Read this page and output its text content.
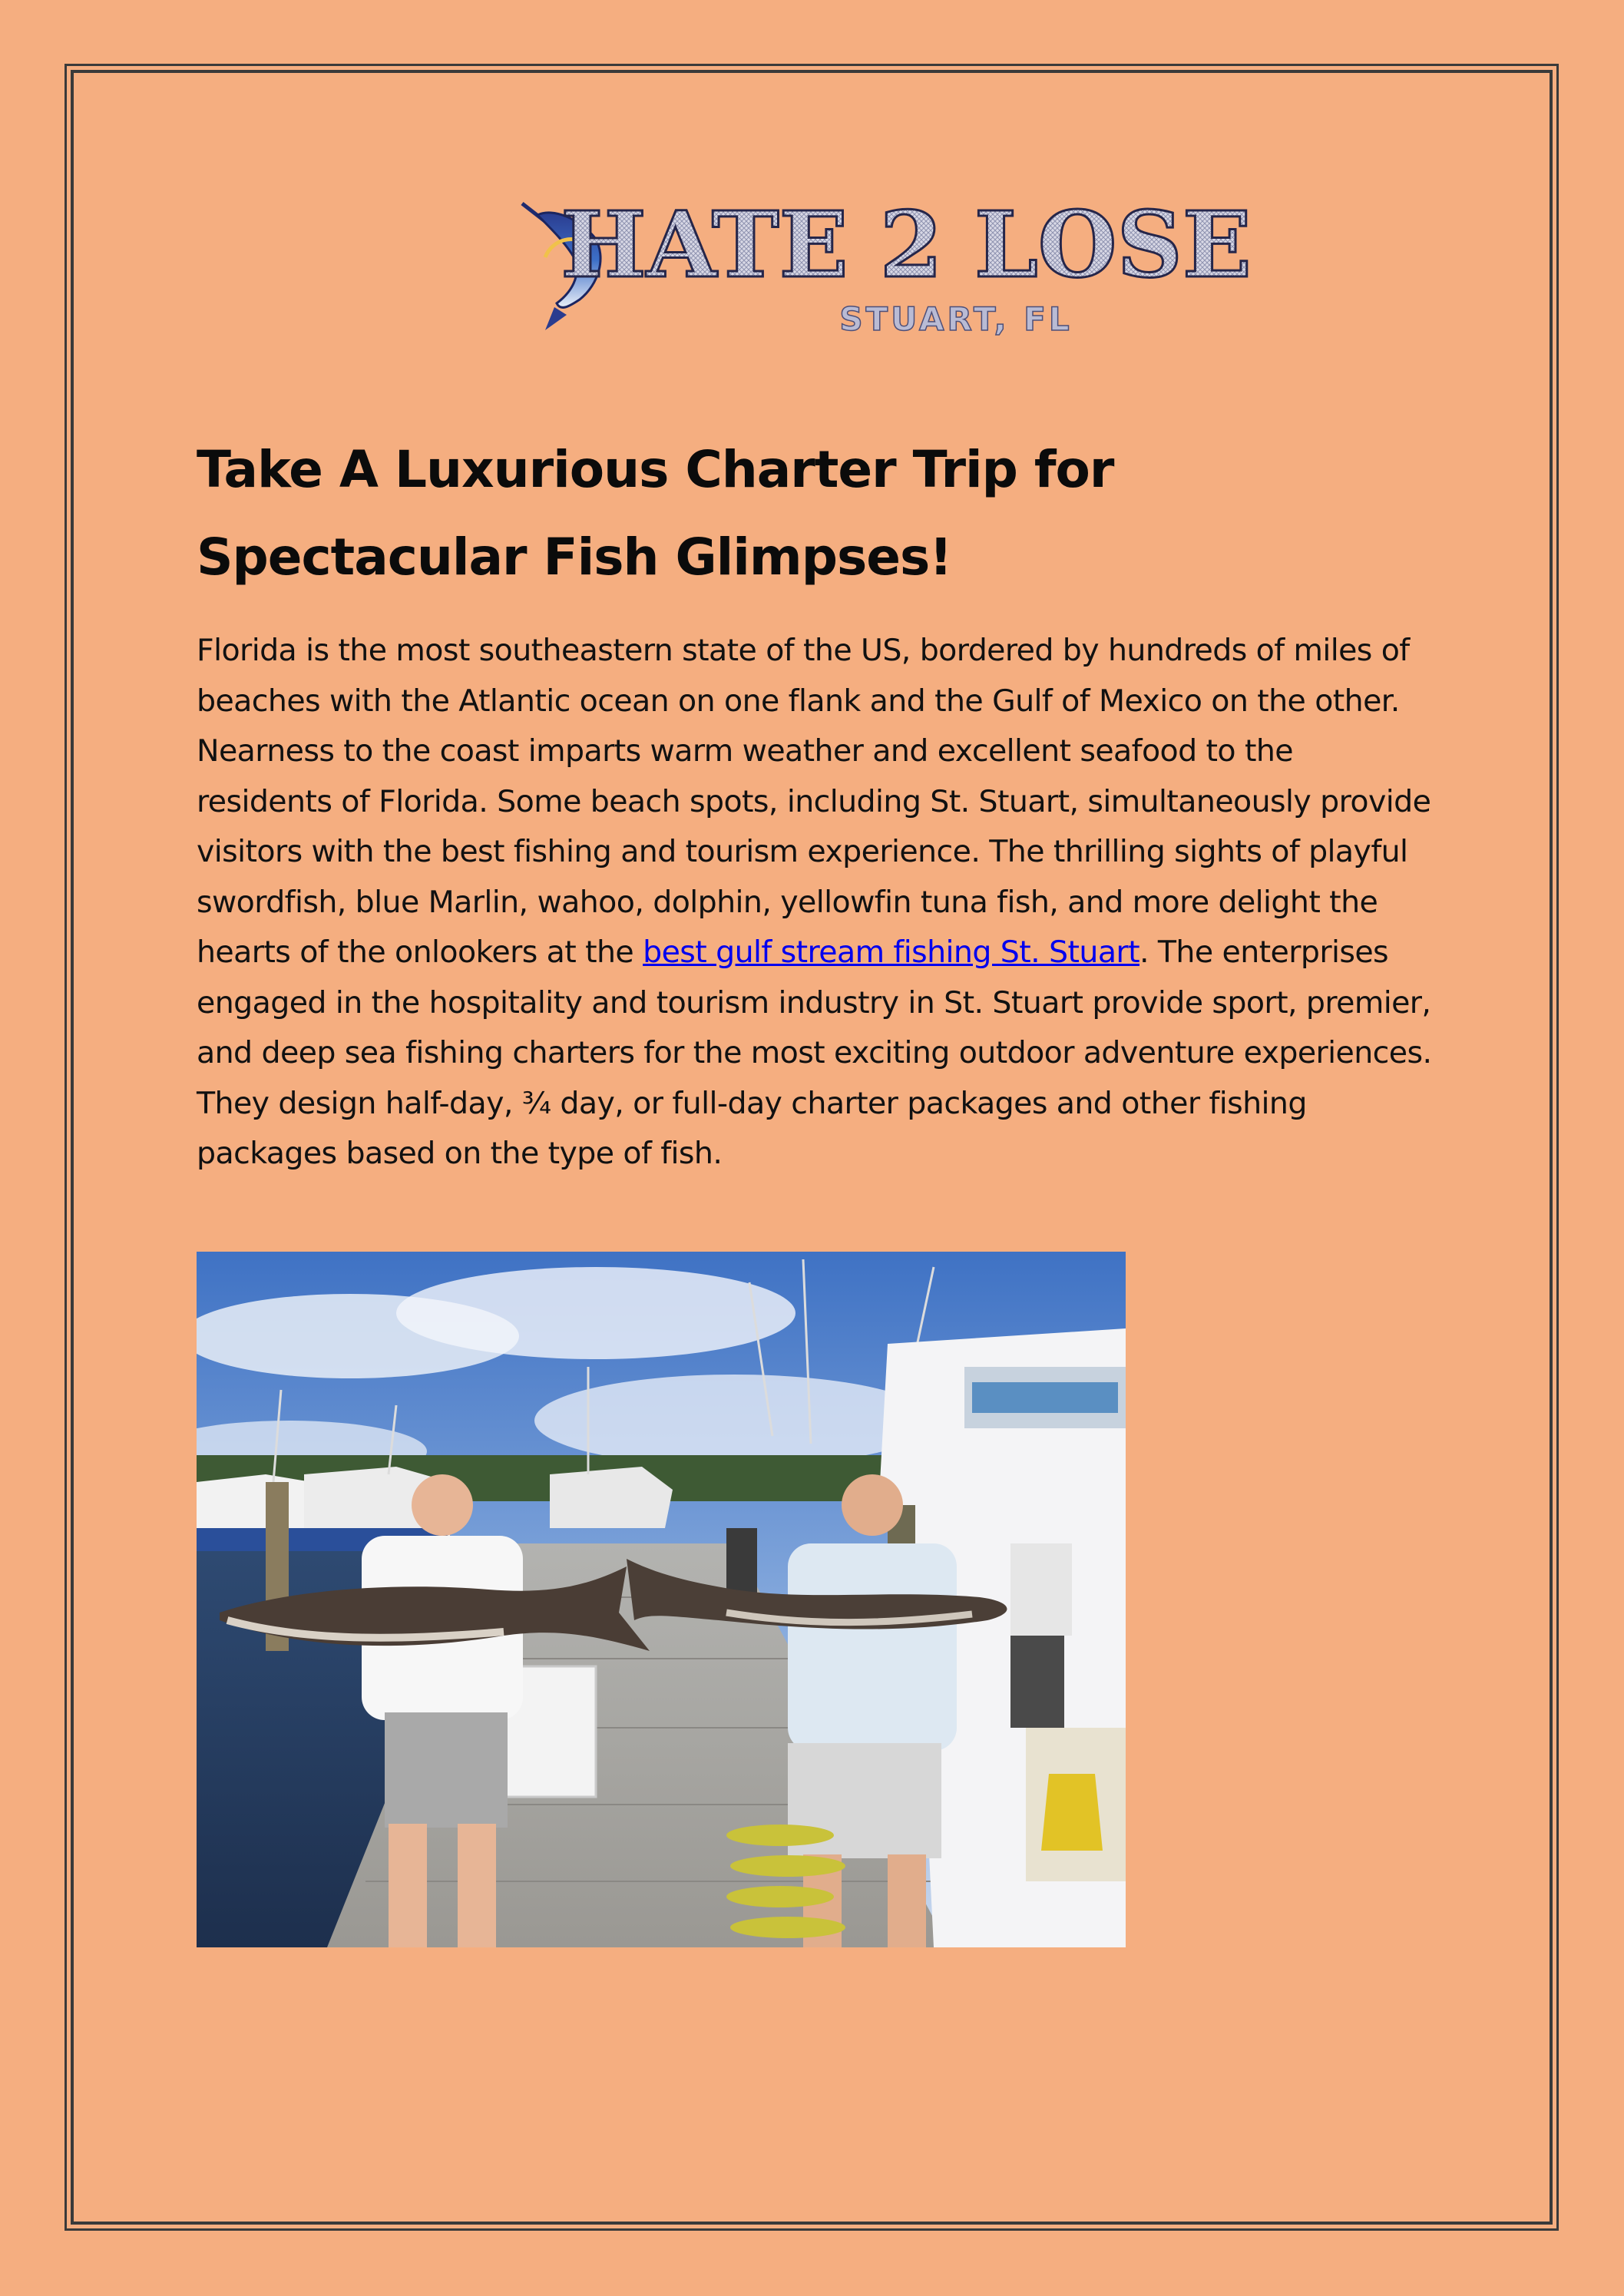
HATE 2 LOSE
STUART, FL
Take A Luxurious Charter Trip for Spectacular Fish Glimpses!

Florida is the most southeastern state of the US, bordered by hundreds of miles of beaches with the Atlantic ocean on one flank and the Gulf of Mexico on the other. Nearness to the coast imparts warm weather and excellent seafood to the residents of Florida. Some beach spots, including St. Stuart, simultaneously provide visitors with the best fishing and tourism experience. The thrilling sights of playful swordfish, blue Marlin, wahoo, dolphin, yellowfin tuna fish, and more delight the hearts of the onlookers at the best gulf stream fishing St. Stuart. The enterprises engaged in the hospitality and tourism industry in St. Stuart provide sport, premier, and deep sea fishing charters for the most exciting outdoor adventure experiences. They design half-day, ¾ day, or full-day charter packages and other fishing packages based on the type of fish.
